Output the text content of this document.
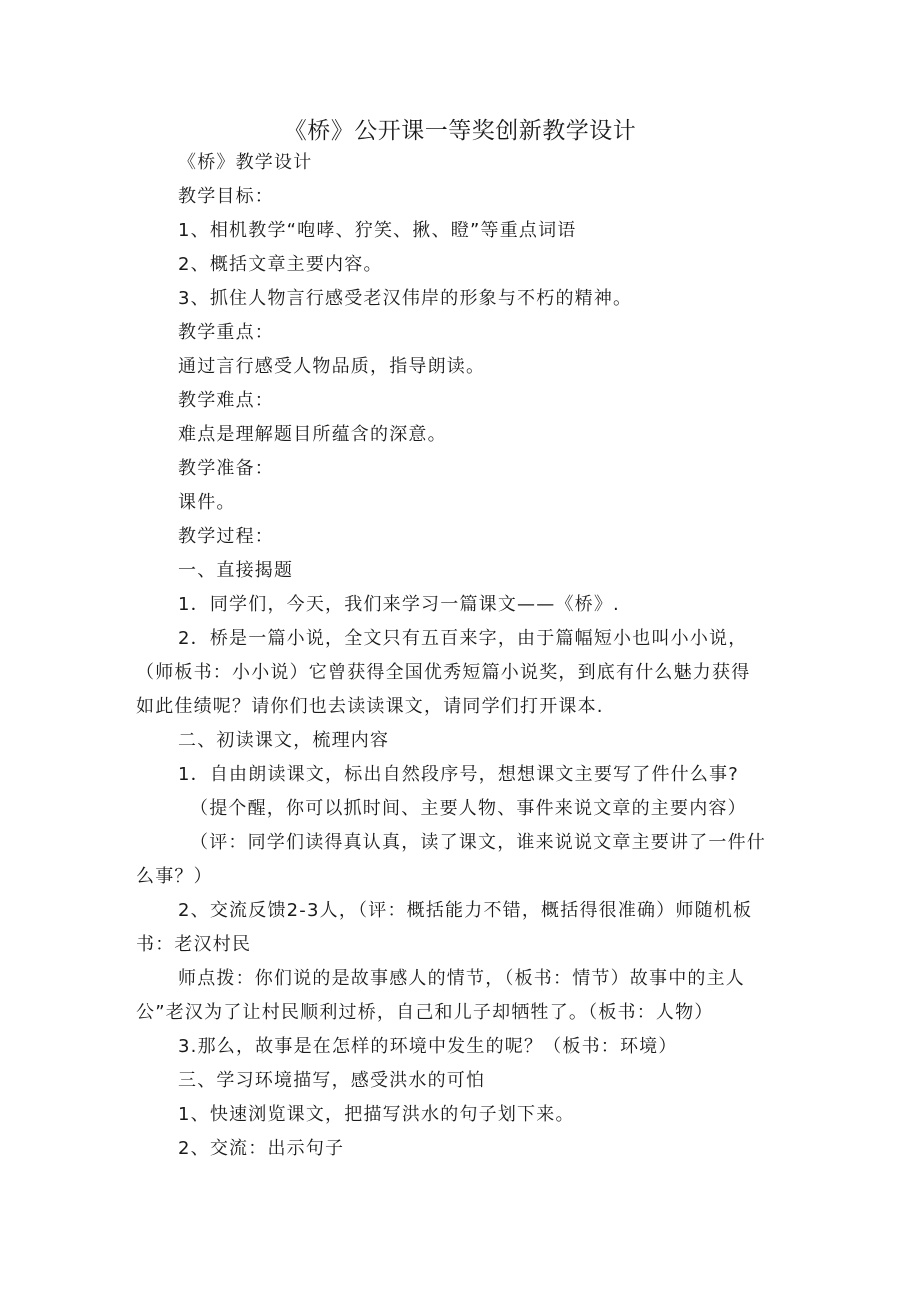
《桥》公开课一等奖创新教学设计

《桥》教学设计

教学目标：

1、相机教学“咆哮、狞笑、揪、瞪”等重点词语

2、概括文章主要内容。

3、抓住人物言行感受老汉伟岸的形象与不朽的精神。

教学重点：

通过言行感受人物品质，指导朗读。

教学难点：

难点是理解题目所蕴含的深意。

教学准备：

课件。

教学过程：

一、直接揭题

1．同学们，今天，我们来学习一篇课文——《桥》.

2．桥是一篇小说，全文只有五百来字，由于篇幅短小也叫小小说，

（师板书：小小说）它曾获得全国优秀短篇小说奖，到底有什么魅力获得

如此佳绩呢？请你们也去读读课文，请同学们打开课本.

二、初读课文，梳理内容

1．自由朗读课文，标出自然段序号，想想课文主要写了件什么事?

（提个醒，你可以抓时间、主要人物、事件来说文章的主要内容）

（评：同学们读得真认真，读了课文，谁来说说文章主要讲了一件什

么事？）

2、交流反馈2-3人，（评：概括能力不错，概括得很准确）师随机板

书：老汉村民

师点拨：你们说的是故事感人的情节，（板书：情节）故事中的主人

公”老汉为了让村民顺利过桥，自己和儿子却牺牲了。（板书：人物）

3.那么，故事是在怎样的环境中发生的呢？（板书：环境）

三、学习环境描写，感受洪水的可怕

1、快速浏览课文，把描写洪水的句子划下来。

2、交流：出示句子
